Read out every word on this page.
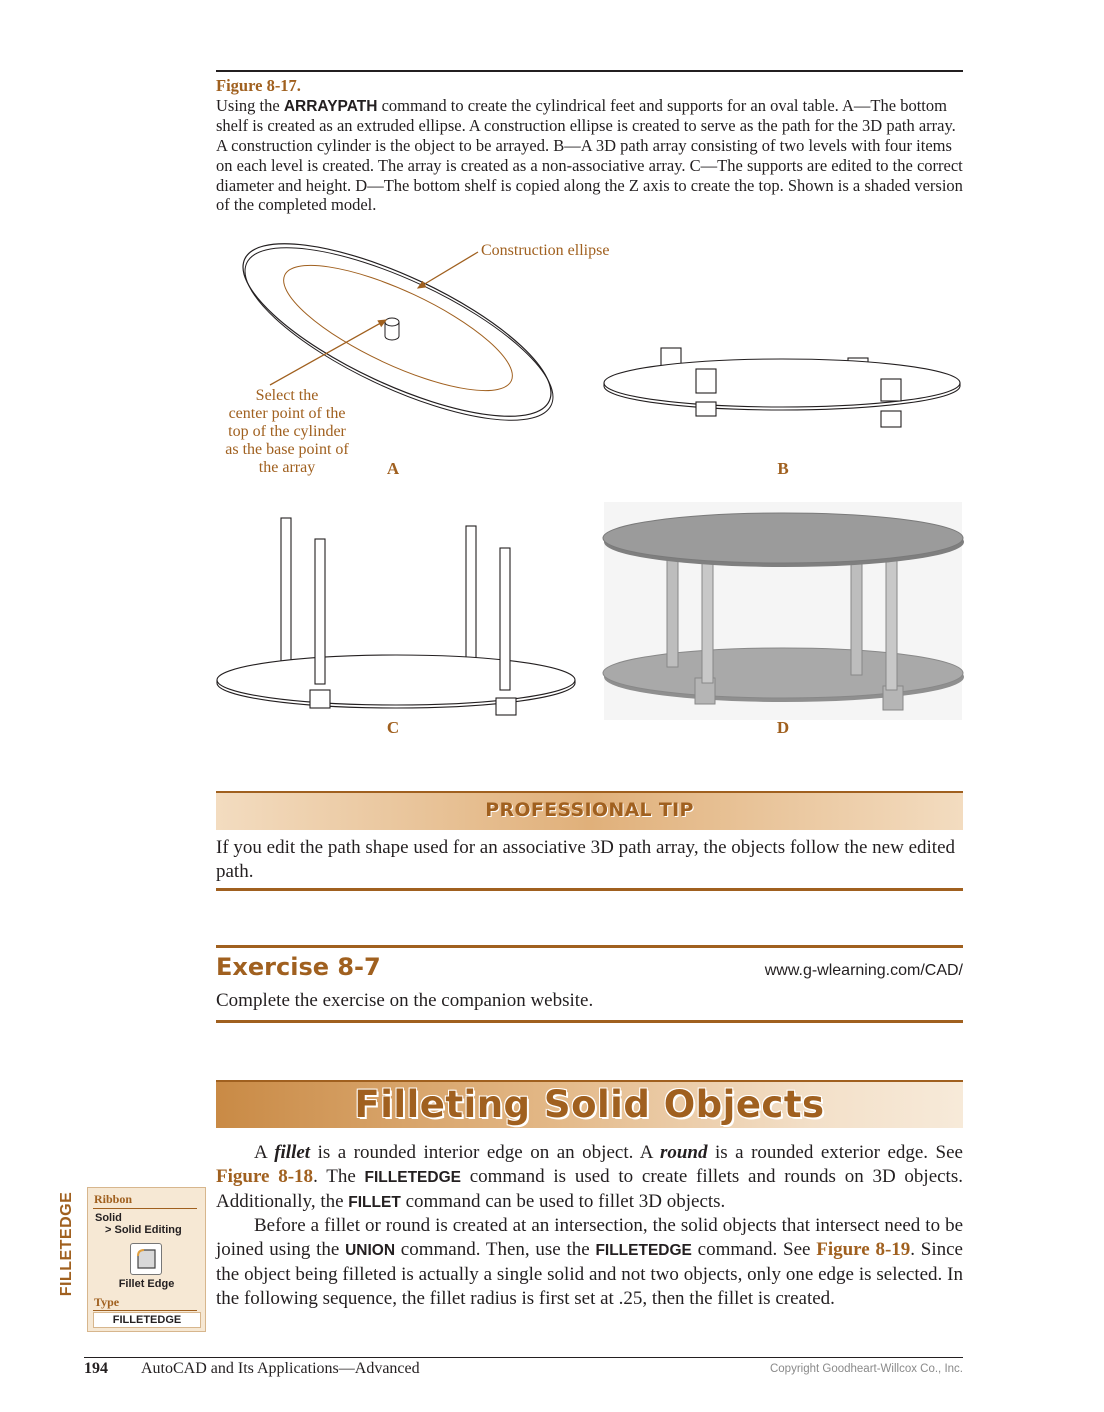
Figure 8-17.
Using the ARRAYPATH command to create the cylindrical feet and supports for an oval table. A—The bottom shelf is created as an extruded ellipse. A construction ellipse is created to serve as the path for the 3D path array. A construction cylinder is the object to be arrayed. B—A 3D path array consisting of two levels with four items on each level is created. The array is created as a non-associative array. C—The supports are edited to the correct diameter and height. D—The bottom shelf is copied along the Z axis to create the top. Shown is a shaded version of the completed model.
Construction ellipse
Select the
center point of the
top of the cylinder
as the base point of
the array	A	B
C	D
PROFESSIONAL TIP
If you edit the path shape used for an associative 3D path array, the objects follow the new edited path.
Exercise 8-7	www.g-wlearning.com/CAD/
Complete the exercise on the companion website.
Filleting Solid Objects

A fillet is a rounded interior edge on an object. A round is a rounded exterior edge. See Figure 8-18. The FILLETEDGE command is used to create fillets and rounds on 3D objects. Additionally, the FILLET command can be used to fillet 3D objects.

Before a fillet or round is created at an intersection, the solid objects that intersect need to be joined using the UNION command. Then, use the FILLETEDGE command. See Figure 8-19. Since the object being filleted is actually a single solid and not two objects, only one edge is selected. In the following sequence, the fillet radius is first set at .25, then the fillet is created.

FILLETEDGE Ribbon
Solid
> Solid Editing
Fillet Edge
Type
FILLETEDGE
194 AutoCAD and Its Applications—Advanced	Copyright Goodheart-Willcox Co., Inc.
